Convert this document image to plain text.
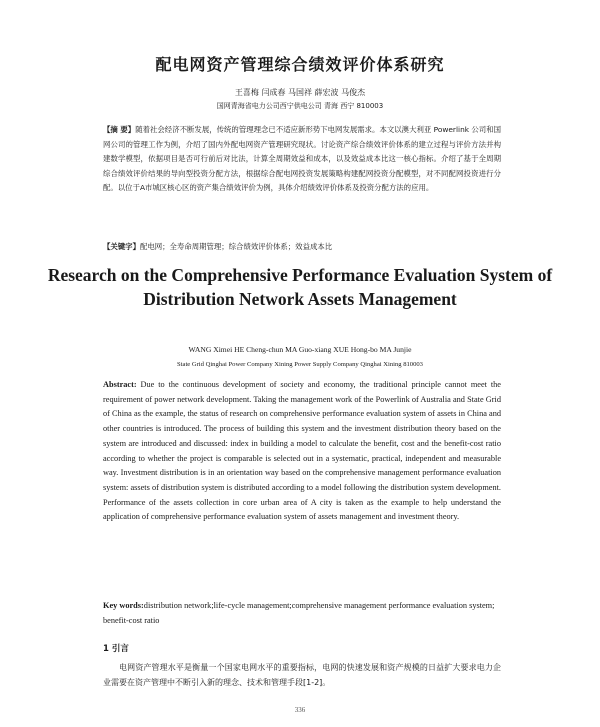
配电网资产管理综合绩效评价体系研究
王喜梅 闫成春 马国祥 薛宏波 马俊杰
国网青海省电力公司西宁供电公司 青海 西宁 810003
【摘 要】随着社会经济不断发展，传统的管理理念已不适应新形势下电网发展需求。本文以澳大利亚 Powerlink 公司和国网公司的管理工作为例，介绍了国内外配电网资产管理研究现状。讨论资产综合绩效评价体系的建立过程与评价方法并构建数学模型，依据项目是否可行前后对比法，计算全周期效益和成本，以及效益成本比这一核心指标。介绍了基于全周期综合绩效评价结果的导向型投资分配方法，根据综合配电网投资发展策略构建配网投资分配模型，对不同配网投资进行分配。以位于A市城区核心区的资产集合绩效评价为例，具体介绍绩效评价体系及投资分配方法的应用。
【关键字】配电网；全寿命周期管理；综合绩效评价体系；效益成本比
Research on the Comprehensive Performance Evaluation System of Distribution Network Assets Management
WANG Ximei HE Cheng-chun MA Guo-xiang XUE Hong-bo MA Junjie
State Grid Qinghai Power Company Xining Power Supply Company Qinghai Xining 810003
Abstract: Due to the continuous development of society and economy, the traditional principle cannot meet the requirement of power network development. Taking the management work of the Powerlink of Australia and State Grid of China as the example, the status of research on comprehensive performance evaluation system of assets in China and other countries is introduced. The process of building this system and the investment distribution theory based on the system are introduced and discussed: index in building a model to calculate the benefit, cost and the benefit-cost ratio according to whether the project is comparable is selected out in a systematic, practical, independent and measurable way. Investment distribution is in an orientation way based on the comprehensive management performance evaluation system: assets of distribution system is distributed according to a model following the distribution system development. Performance of the assets collection in core urban area of A city is taken as the example to help understand the application of comprehensive performance evaluation system of assets management and investment theory.
Key words:distribution network;life-cycle management;comprehensive management performance evaluation system; benefit-cost ratio
1 引言
电网资产管理水平是衡量一个国家电网水平的重要指标，电网的快速发展和资产规模的日益扩大要求电力企业需要在资产管理中不断引入新的理念、技术和管理手段[1-2]。
336
